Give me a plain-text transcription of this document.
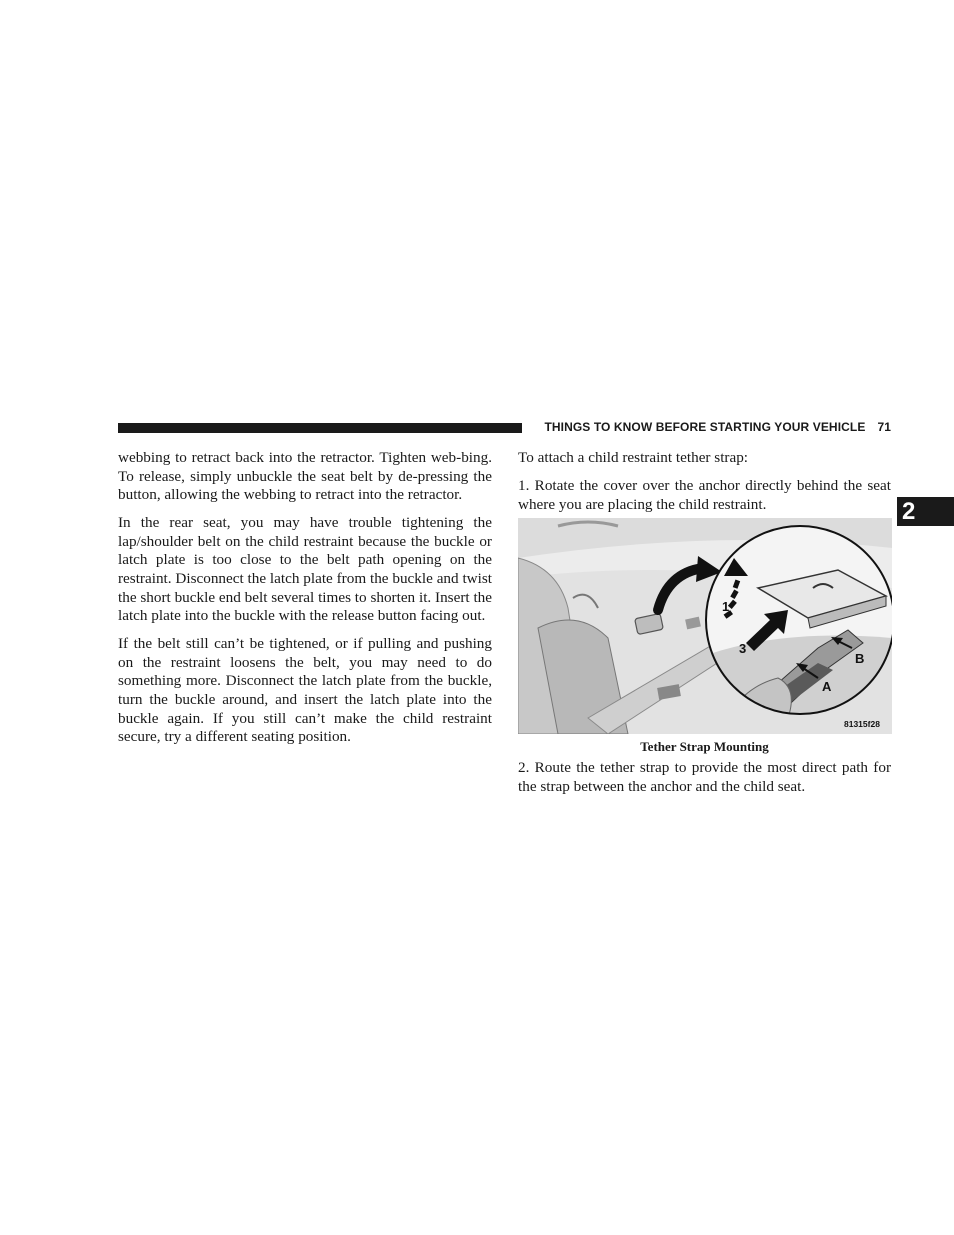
THINGS TO KNOW BEFORE STARTING YOUR VEHICLE 71
2

webbing to retract back into the retractor. Tighten web-bing. To release, simply unbuckle the seat belt by de-pressing the button, allowing the webbing to retract into the retractor.

In the rear seat, you may have trouble tightening the lap/shoulder belt on the child restraint because the buckle or latch plate is too close to the belt path opening on the restraint. Disconnect the latch plate from the buckle and twist the short buckle end belt several times to shorten it. Insert the latch plate into the buckle with the release button facing out.

If the belt still can’t be tightened, or if pulling and pushing on the restraint loosens the belt, you may need to do something more. Disconnect the latch plate from the buckle, turn the buckle around, and insert the latch plate into the buckle again. If you still can’t make the child restraint secure, try a different seating position.

To attach a child restraint tether strap:

1. Rotate the cover over the anchor directly behind the seat where you are placing the child restraint.

1
3
A
B
81315f28
Tether Strap Mounting

2. Route the tether strap to provide the most direct path for the strap between the anchor and the child seat.
